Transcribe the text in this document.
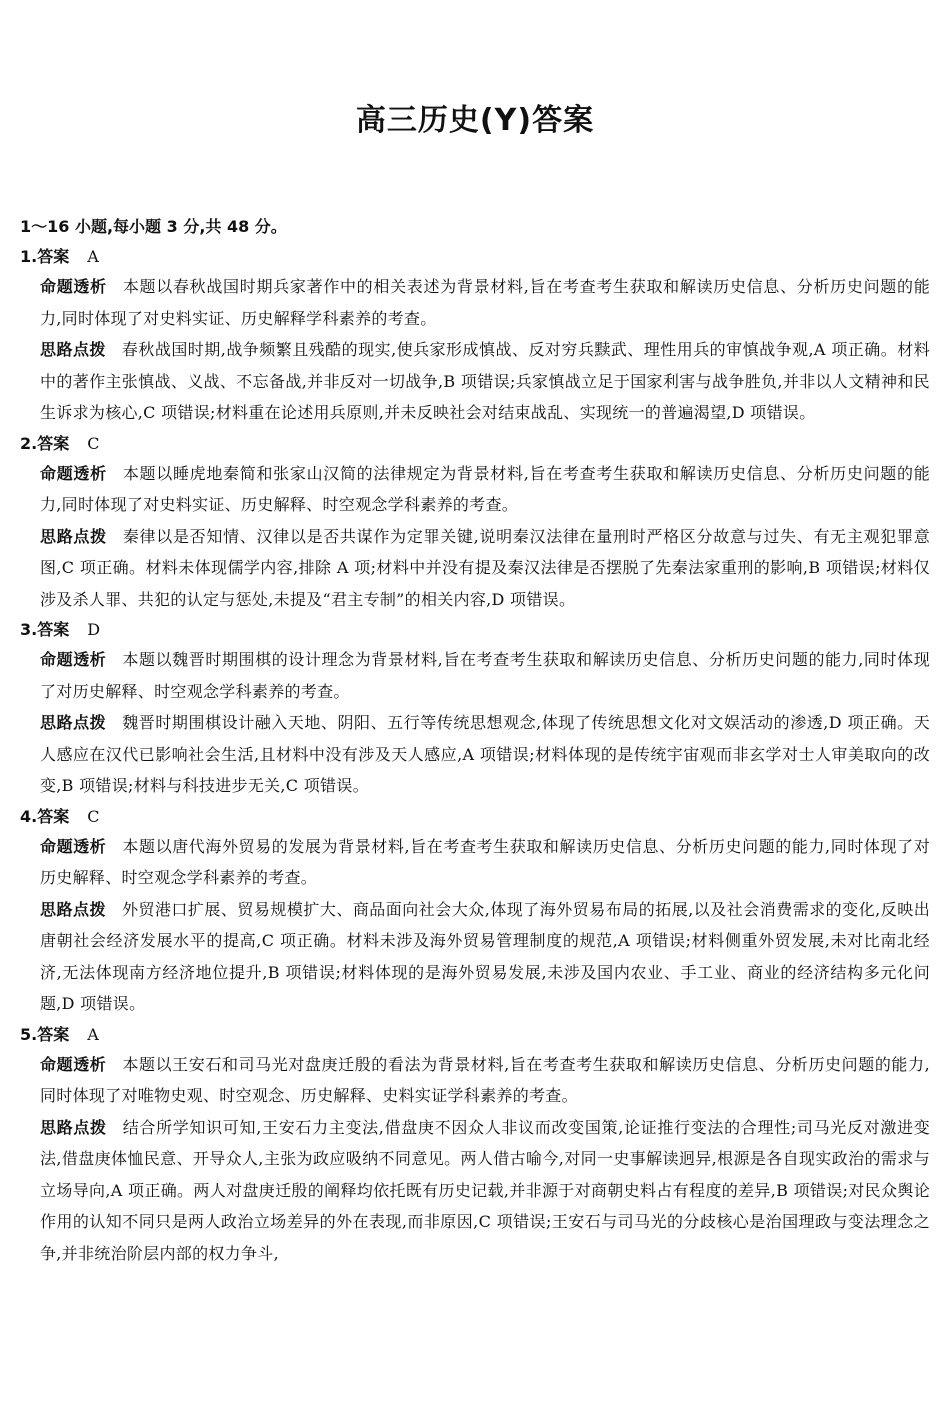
高三历史(Y)答案
1～16 小题,每小题 3 分,共 48 分。
1.答案 A
命题透析 本题以春秋战国时期兵家著作中的相关表述为背景材料,旨在考查考生获取和解读历史信息、分析历史问题的能力,同时体现了对史料实证、历史解释学科素养的考查。
思路点拨 春秋战国时期,战争频繁且残酷的现实,使兵家形成慎战、反对穷兵黩武、理性用兵的审慎战争观,A 项正确。材料中的著作主张慎战、义战、不忘备战,并非反对一切战争,B 项错误;兵家慎战立足于国家利害与战争胜负,并非以人文精神和民生诉求为核心,C 项错误;材料重在论述用兵原则,并未反映社会对结束战乱、实现统一的普遍渴望,D 项错误。
2.答案 C
命题透析 本题以睡虎地秦简和张家山汉简的法律规定为背景材料,旨在考查考生获取和解读历史信息、分析历史问题的能力,同时体现了对史料实证、历史解释、时空观念学科素养的考查。
思路点拨 秦律以是否知情、汉律以是否共谋作为定罪关键,说明秦汉法律在量刑时严格区分故意与过失、有无主观犯罪意图,C 项正确。材料未体现儒学内容,排除 A 项;材料中并没有提及秦汉法律是否摆脱了先秦法家重刑的影响,B 项错误;材料仅涉及杀人罪、共犯的认定与惩处,未提及“君主专制”的相关内容,D 项错误。
3.答案 D
命题透析 本题以魏晋时期围棋的设计理念为背景材料,旨在考查考生获取和解读历史信息、分析历史问题的能力,同时体现了对历史解释、时空观念学科素养的考查。
思路点拨 魏晋时期围棋设计融入天地、阴阳、五行等传统思想观念,体现了传统思想文化对文娱活动的渗透,D 项正确。天人感应在汉代已影响社会生活,且材料中没有涉及天人感应,A 项错误;材料体现的是传统宇宙观而非玄学对士人审美取向的改变,B 项错误;材料与科技进步无关,C 项错误。
4.答案 C
命题透析 本题以唐代海外贸易的发展为背景材料,旨在考查考生获取和解读历史信息、分析历史问题的能力,同时体现了对历史解释、时空观念学科素养的考查。
思路点拨 外贸港口扩展、贸易规模扩大、商品面向社会大众,体现了海外贸易布局的拓展,以及社会消费需求的变化,反映出唐朝社会经济发展水平的提高,C 项正确。材料未涉及海外贸易管理制度的规范,A 项错误;材料侧重外贸发展,未对比南北经济,无法体现南方经济地位提升,B 项错误;材料体现的是海外贸易发展,未涉及国内农业、手工业、商业的经济结构多元化问题,D 项错误。
5.答案 A
命题透析 本题以王安石和司马光对盘庚迁殷的看法为背景材料,旨在考查考生获取和解读历史信息、分析历史问题的能力,同时体现了对唯物史观、时空观念、历史解释、史料实证学科素养的考查。
思路点拨 结合所学知识可知,王安石力主变法,借盘庚不因众人非议而改变国策,论证推行变法的合理性;司马光反对激进变法,借盘庚体恤民意、开导众人,主张为政应吸纳不同意见。两人借古喻今,对同一史事解读迥异,根源是各自现实政治的需求与立场导向,A 项正确。两人对盘庚迁殷的阐释均依托既有历史记载,并非源于对商朝史料占有程度的差异,B 项错误;对民众舆论作用的认知不同只是两人政治立场差异的外在表现,而非原因,C 项错误;王安石与司马光的分歧核心是治国理政与变法理念之争,并非统治阶层内部的权力争斗,
